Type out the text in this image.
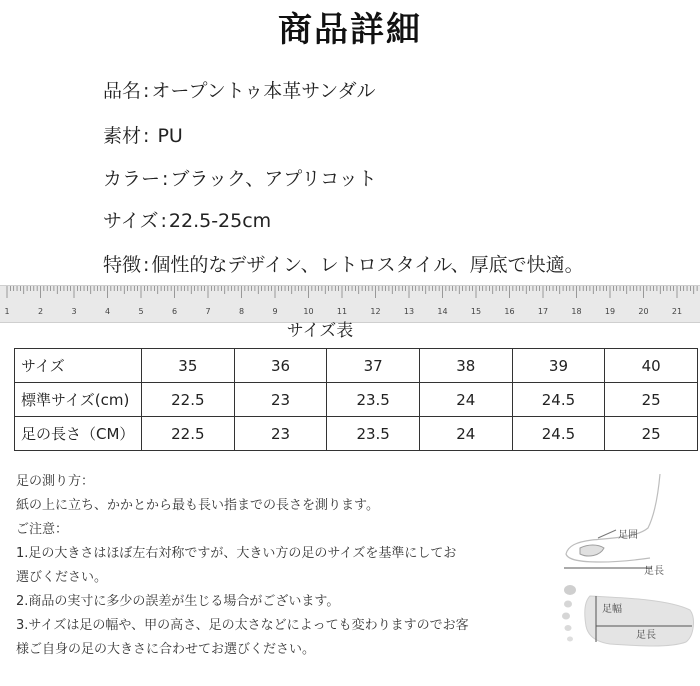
商品詳細
品名 : オープントゥ本革サンダル
素材 : PU
カラー : ブラック、アプリコット
サイズ : 22.5-25cm
特徴 : 個性的なデザイン、レトロスタイル、厚底で快適。
1	2	3	4	5	6	7	8	9	10	11	12	13	14	15	16	17	18	19	20	21
サイズ表
サイズ	35	36	37	38	39	40
標準サイズ(cm)	22.5	23	23.5	24	24.5	25
足の長さ（CM）	22.5	23	23.5	24	24.5	25

足の測り方：

紙の上に立ち、かかとから最も長い指までの長さを測ります。

ご注意：

1.足の大きさはほぼ左右対称ですが、大きい方の足のサイズを基準にしてお

選びください。

2.商品の実寸に多少の誤差が生じる場合がございます。

3.サイズは足の幅や、甲の高さ、足の太さなどによっても変わりますのでお客

様ご自身の足の大きさに合わせてお選びください。

足囲
足長
足幅
足長
